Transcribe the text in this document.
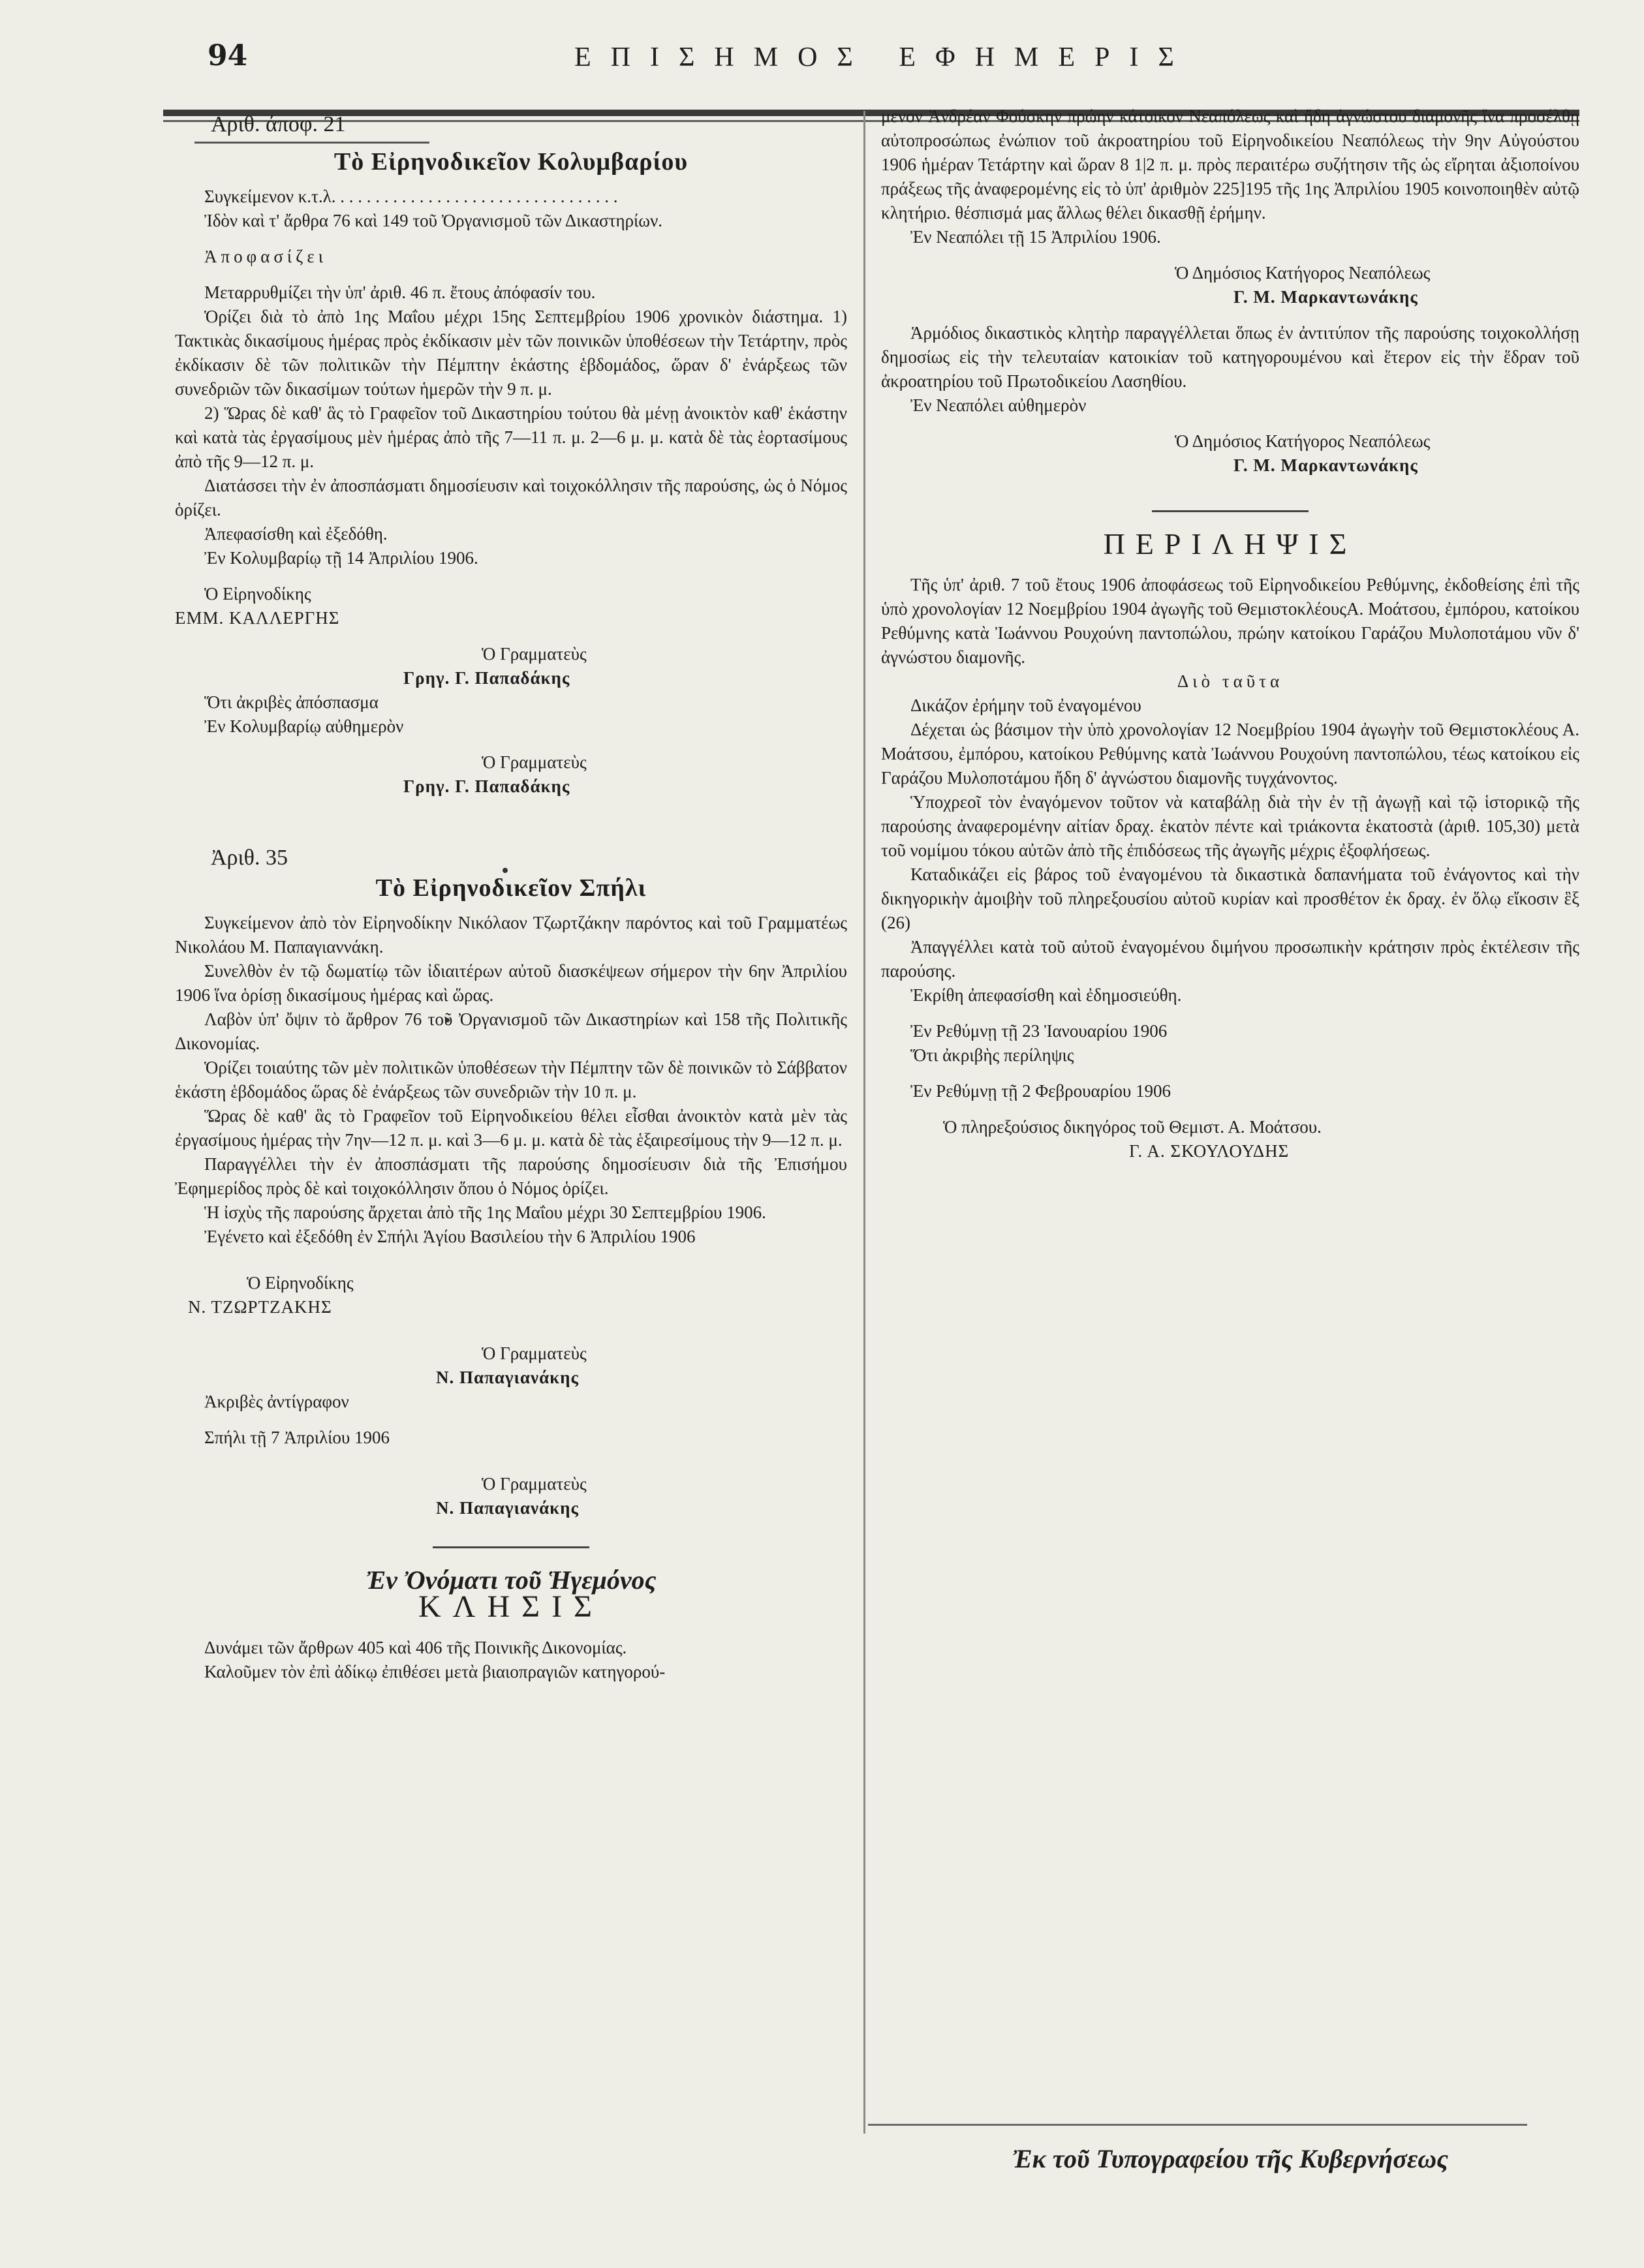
94	ΕΠΙΣΗΜΟΣ ΕΦΗΜΕΡΙΣ
Αριθ. άποφ. 21
Τὸ Εἰρηνοδικεῖον Κολυμβαρίου

Συγκείμενον κ.τ.λ. . . . . . . . . . . . . . . . . . . . . . . . . . . . . . . . .

Ἰδὸν καὶ τ' ἄρθρα 76 καὶ 149 τοῦ Ὀργανισμοῦ τῶν Δικαστηρίων.

Ἀποφασίζει

Μεταρρυθμίζει τὴν ὑπ' ἀριθ. 46 π. ἔτους ἀπόφασίν του.

Ὁρίζει διὰ τὸ ἀπὸ 1ης Μαΐου μέχρι 15ης Σεπτεμβρίου 1906 χρονικὸν διάστημα. 1) Τακτικὰς δικασίμους ἡμέρας πρὸς ἐκδίκασιν μὲν τῶν ποινικῶν ὑποθέσεων τὴν Τετάρτην, πρὸς ἐκδίκασιν δὲ τῶν πολιτικῶν τὴν Πέμπτην ἑκάστης ἑβδομάδος, ὥραν δ' ἐνάρξεως τῶν συνεδριῶν τῶν δικασίμων τούτων ἡμερῶν τὴν 9 π. μ.

2) Ὥρας δὲ καθ' ἃς τὸ Γραφεῖον τοῦ Δικαστηρίου τούτου θὰ μένῃ ἀνοικτὸν καθ' ἑκάστην καὶ κατὰ τὰς ἐργασίμους μὲν ἡμέρας ἀπὸ τῆς 7—11 π. μ. 2—6 μ. μ. κατὰ δὲ τὰς ἑορτασίμους ἀπὸ τῆς 9—12 π. μ.

Διατάσσει τὴν ἐν ἀποσπάσματι δημοσίευσιν καὶ τοιχοκόλλησιν τῆς παρούσης, ὡς ὁ Νόμος ὁρίζει.

Ἀπεφασίσθη καὶ ἐξεδόθη.

Ἐν Κολυμβαρίῳ τῇ 14 Ἀπριλίου 1906.

Ὁ Εἰρηνοδίκης

ΕΜΜ. ΚΑΛΛΕΡΓΗΣ

Ὁ Γραμματεὺς

Γρηγ. Γ. Παπαδάκης

Ὅτι ἀκριβὲς ἀπόσπασμα

Ἐν Κολυμβαρίῳ αὐθημερὸν

Ὁ Γραμματεὺς

Γρηγ. Γ. Παπαδάκης

Ἀριθ. 35
Τὸ Εἰρηνοδικεῖον Σπήλι

Συγκείμενον ἀπὸ τὸν Εἰρηνοδίκην Νικόλαον Τζωρτζάκην παρόντος καὶ τοῦ Γραμματέως Νικολάου Μ. Παπαγιαννάκη.

Συνελθὸν ἐν τῷ δωματίῳ τῶν ἰδιαιτέρων αὐτοῦ διασκέψεων σήμερον τὴν 6ην Ἀπριλίου 1906 ἵνα ὁρίσῃ δικασίμους ἡμέρας καὶ ὥρας.

Λαβὸν ὑπ' ὄψιν τὸ ἄρθρον 76 τοῦ Ὀργανισμοῦ τῶν Δικαστηρίων καὶ 158 τῆς Πολιτικῆς Δικονομίας.

Ὁρίζει τοιαύτης τῶν μὲν πολιτικῶν ὑποθέσεων τὴν Πέμπτην τῶν δὲ ποινικῶν τὸ Σάββατον ἑκάστη ἑβδομάδος ὥρας δὲ ἐνάρξεως τῶν συνεδριῶν τὴν 10 π. μ.

Ὥρας δὲ καθ' ἃς τὸ Γραφεῖον τοῦ Εἰρηνοδικείου θέλει εἶσθαι ἀνοικτὸν κατὰ μὲν τὰς ἐργασίμους ἡμέρας τὴν 7ην—12 π. μ. καὶ 3—6 μ. μ. κατὰ δὲ τὰς ἑξαιρεσίμους τὴν 9—12 π. μ.

Παραγγέλλει τὴν ἐν ἀποσπάσματι τῆς παρούσης δημοσίευσιν διὰ τῆς Ἐπισήμου Ἐφημερίδος πρὸς δὲ καὶ τοιχοκόλλησιν ὅπου ὁ Νόμος ὁρίζει.

Ἡ ἰσχὺς τῆς παρούσης ἄρχεται ἀπὸ τῆς 1ης Μαΐου μέχρι 30 Σεπτεμβρίου 1906.

Ἐγένετο καὶ ἐξεδόθη ἐν Σπήλι Ἁγίου Βασιλείου τὴν 6 Ἀπριλίου 1906

Ὁ Εἰρηνοδίκης

Ν. ΤΖΩΡΤΖΑΚΗΣ

Ὁ Γραμματεὺς

Ν. Παπαγιανάκης

Ἀκριβὲς ἀντίγραφον

Σπήλι τῇ 7 Ἀπριλίου 1906

Ὁ Γραμματεὺς

Ν. Παπαγιανάκης

Ἐν Ὀνόματι τοῦ Ἡγεμόνος
ΚΛΗΣΙΣ

Δυνάμει τῶν ἄρθρων 405 καὶ 406 τῆς Ποινικῆς Δικονομίας.

Καλοῦμεν τὸν ἐπὶ ἀδίκῳ ἐπιθέσει μετὰ βιαιοπραγιῶν κατηγορού-

μενον Ἀνδρέαν Φούσκην πρώην κάτοικον Νεαπόλεως καὶ ἤδη ἀγνώστου διαμονῆς ἵνα προσέλθῃ αὐτοπροσώπως ἐνώπιον τοῦ ἀκροατηρίου τοῦ Εἰρηνοδικείου Νεαπόλεως τὴν 9ην Αὐγούστου 1906 ἡμέραν Τετάρτην καὶ ὥραν 8 1|2 π. μ. πρὸς περαιτέρω συζήτησιν τῆς ὡς εἴρηται ἀξιοποίνου πράξεως τῆς ἀναφερομένης εἰς τὸ ὑπ' ἀριθμὸν 225]195 τῆς 1ης Ἀπριλίου 1905 κοινοποιηθὲν αὐτῷ κλητήριο. θέσπισμά μας ἄλλως θέλει δικασθῇ ἐρήμην.

Ἐν Νεαπόλει τῇ 15 Ἀπριλίου 1906.

Ὁ Δημόσιος Κατήγορος Νεαπόλεως

Γ. Μ. Μαρκαντωνάκης

Ἁρμόδιος δικαστικὸς κλητὴρ παραγγέλλεται ὅπως ἐν ἀντιτύπον τῆς παρούσης τοιχοκολλήσῃ δημοσίως εἰς τὴν τελευταίαν κατοικίαν τοῦ κατηγορουμένου καὶ ἕτερον εἰς τὴν ἕδραν τοῦ ἀκροατηρίου τοῦ Πρωτοδικείου Λασηθίου.

Ἐν Νεαπόλει αὐθημερὸν

Ὁ Δημόσιος Κατήγορος Νεαπόλεως

Γ. Μ. Μαρκαντωνάκης

ΠΕΡΙΛΗΨΙΣ

Τῆς ὑπ' ἀριθ. 7 τοῦ ἔτους 1906 ἀποφάσεως τοῦ Εἰρηνοδικείου Ρεθύμνης, ἐκδοθείσης ἐπὶ τῆς ὑπὸ χρονολογίαν 12 Νοεμβρίου 1904 ἀγωγῆς τοῦ ΘεμιστοκλέουςΑ. Μοάτσου, ἐμπόρου, κατοίκου Ρεθύμνης κατὰ Ἰωάννου Ρουχούνη παντοπώλου, πρώην κατοίκου Γαράζου Μυλοποτάμου νῦν δ' ἀγνώστου διαμονῆς.

Διὸ ταῦτα

Δικάζον ἐρήμην τοῦ ἐναγομένου

Δέχεται ὡς βάσιμον τὴν ὑπὸ χρονολογίαν 12 Νοεμβρίου 1904 ἀγωγὴν τοῦ Θεμιστοκλέους Α. Μοάτσου, ἐμπόρου, κατοίκου Ρεθύμνης κατὰ Ἰωάννου Ρουχούνη παντοπώλου, τέως κατοίκου εἰς Γαράζου Μυλοποτάμου ἤδη δ' ἀγνώστου διαμονῆς τυγχάνοντος.

Ὑποχρεοῖ τὸν ἐναγόμενον τοῦτον νὰ καταβάλῃ διὰ τὴν ἐν τῇ ἀγωγῇ καὶ τῷ ἱστορικῷ τῆς παρούσης ἀναφερομένην αἰτίαν δραχ. ἑκατὸν πέντε καὶ τριάκοντα ἑκατοστὰ (ἀριθ. 105,30) μετὰ τοῦ νομίμου τόκου αὐτῶν ἀπὸ τῆς ἐπιδόσεως τῆς ἀγωγῆς μέχρις ἐξοφλήσεως.

Καταδικάζει εἰς βάρος τοῦ ἐναγομένου τὰ δικαστικὰ δαπανήματα τοῦ ἐνάγοντος καὶ τὴν δικηγορικὴν ἀμοιβὴν τοῦ πληρεξουσίου αὐτοῦ κυρίαν καὶ προσθέτον ἐκ δραχ. ἐν ὅλῳ εἴκοσιν ἓξ (26)

Ἀπαγγέλλει κατὰ τοῦ αὐτοῦ ἐναγομένου διμήνου προσωπικὴν κράτησιν πρὸς ἐκτέλεσιν τῆς παρούσης.

Ἐκρίθη ἀπεφασίσθη καὶ ἐδημοσιεύθη.

Ἐν Ρεθύμνῃ τῇ 23 Ἰανουαρίου 1906

Ὅτι ἀκριβὴς περίληψις

Ἐν Ρεθύμνῃ τῇ 2 Φεβρουαρίου 1906

Ὁ πληρεξούσιος δικηγόρος τοῦ Θεμιστ. Α. Μοάτσου.

Γ. Α. ΣΚΟΥΛΟΥΔΗΣ

Ἐκ τοῦ Τυπογραφείου τῆς Κυβερνήσεως
